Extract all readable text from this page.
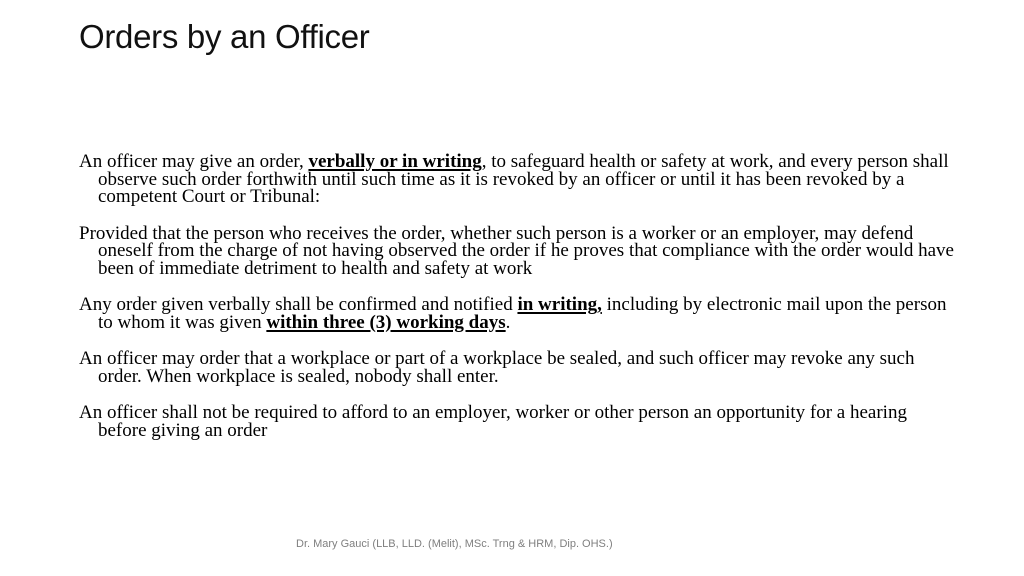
Orders by an Officer

An officer may give an order, verbally or in writing, to safeguard health or safety at work, and every person shall observe such order forthwith until such time as it is revoked by an officer or until it has been revoked by a competent Court or Tribunal:

Provided that the person who receives the order, whether such person is a worker or an employer, may defend oneself from the charge of not having observed the order if he proves that compliance with the order would have been of immediate detriment to health and safety at work

Any order given verbally shall be confirmed and notified in writing, including by electronic mail upon the person to whom it was given within three (3) working days.

An officer may order that a workplace or part of a workplace be sealed, and such officer may revoke any such order. When workplace is sealed, nobody shall enter.

An officer shall not be required to afford to an employer, worker or other person an opportunity for a hearing before giving an order

Dr. Mary Gauci (LLB, LLD. (Melit), MSc. Trng & HRM, Dip. OHS.)
